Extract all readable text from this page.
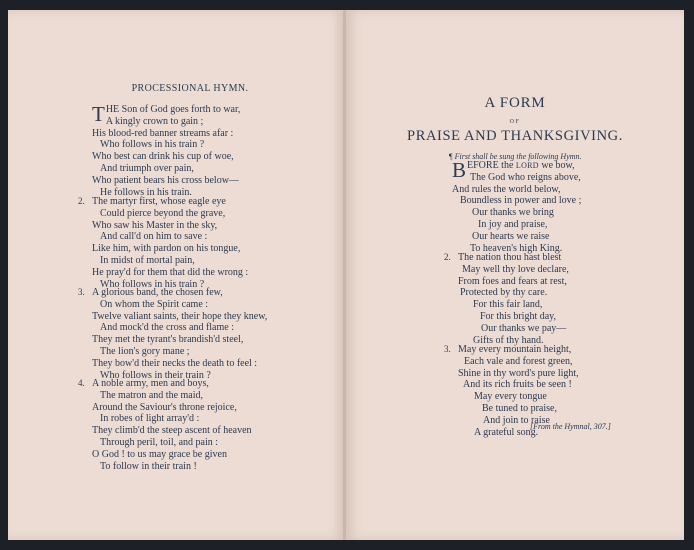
PROCESSIONAL HYMN.
T HE Son of God goes forth to war,
A kingly crown to gain ;
His blood-red banner streams afar :
Who follows in his train ?
Who best can drink his cup of woe,
And triumph over pain,
Who patient bears his cross below—
He follows in his train.
2. The martyr first, whose eagle eye
Could pierce beyond the grave,
Who saw his Master in the sky,
And call'd on him to save :
Like him, with pardon on his tongue,
In midst of mortal pain,
He pray'd for them that did the wrong :
Who follows in his train ?
3. A glorious band, the chosen few,
On whom the Spirit came :
Twelve valiant saints, their hope they knew,
And mock'd the cross and flame :
They met the tyrant's brandish'd steel,
The lion's gory mane ;
They bow'd their necks the death to feel :
Who follows in their train ?
4. A noble army, men and boys,
The matron and the maid,
Around the Saviour's throne rejoice,
In robes of light array'd :
They climb'd the steep ascent of heaven
Through peril, toil, and pain :
O God ! to us may grace be given
To follow in their train !
A FORM
OF
PRAISE AND THANKSGIVING.
¶ First shall be sung the following Hymn.
B EFORE the LORD we bow,
The God who reigns above,
And rules the world below,
Boundless in power and love ;
Our thanks we bring
In joy and praise,
Our hearts we raise
To heaven's high King.
2. The nation thou hast blest
May well thy love declare,
From foes and fears at rest,
Protected by thy care.
For this fair land,
For this bright day,
Our thanks we pay—
Gifts of thy hand.
3. May every mountain height,
Each vale and forest green,
Shine in thy word's pure light,
And its rich fruits be seen !
May every tongue
Be tuned to praise,
And join to raise
A grateful song.
[From the Hymnal, 307.]
